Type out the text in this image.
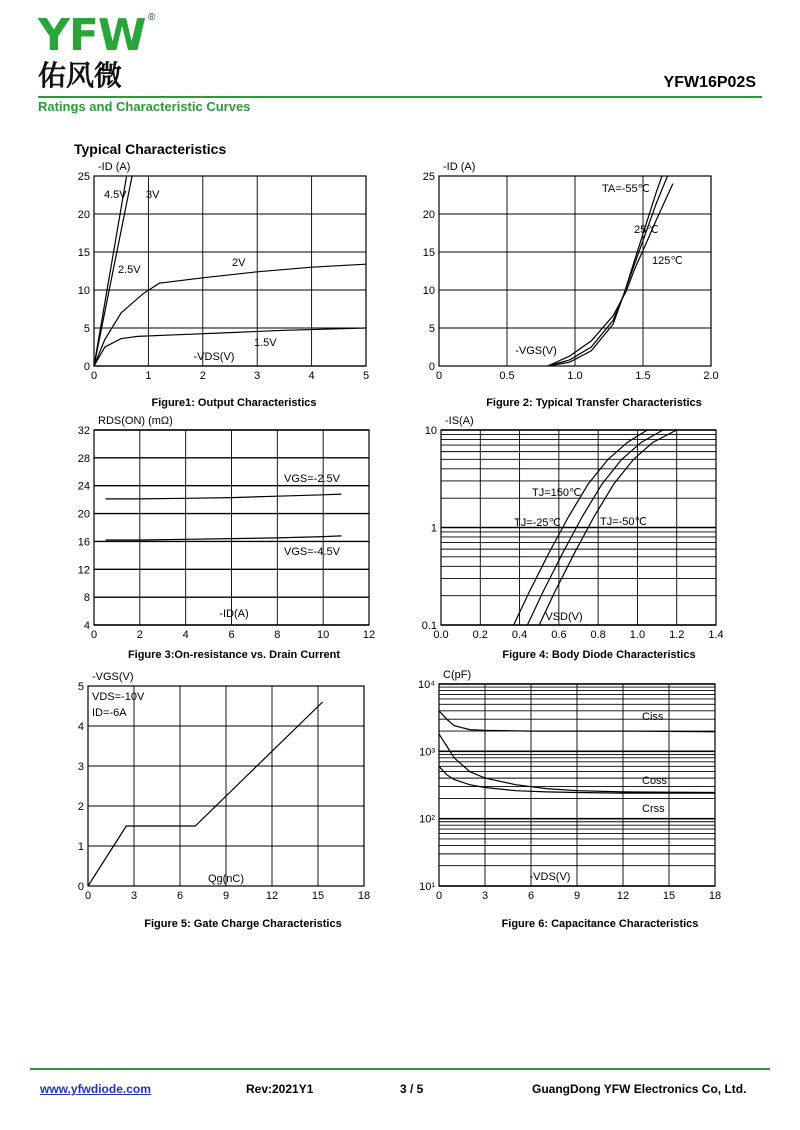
YFW ®
佑风微	YFW16P02S
Ratings and Characteristic Curves
Typical Characteristics
0	1	2	3	4	5
0
5
10
15
20
25
-ID (A)
-VDS(V)
4.5V 3V
2.5V
2V
1.5V
Figure1: Output Characteristics
0	0.5	1.0	1.5	2.0
0
5
10
15
20
25
-ID (A)
-VGS(V)
TA=-55℃
25℃
125℃
Figure 2: Typical Transfer Characteristics
0	2	4	6	8	10	12
4
8
12
16
20
24
28
32
RDS(ON) (mΩ)
-ID(A)
VGS=-2.5V
VGS=-4.5V
Figure 3:On-resistance vs. Drain Current
0.0 0.2 0.4 0.6 0.8 1.0 1.2 1.4
0.1
1
10
-IS(A)
VSD(V)
TJ=150℃
TJ=-25℃	TJ=-50℃
Figure 4: Body Diode Characteristics
0	3	6	9	12	15	18
0
1
2
3
4
5
-VGS(V)
Qg(nC)
VDS=-10V
ID=-6A
Figure 5: Gate Charge Characteristics
0	3	6	9	12	15	18
10¹
10²
10³
10⁴
C(pF)
-VDS(V)
Ciss
Coss
Crss
Figure 6: Capacitance Characteristics
www.yfwdiode.com	Rev:2021Y1	3 / 5	GuangDong YFW Electronics Co, Ltd.
